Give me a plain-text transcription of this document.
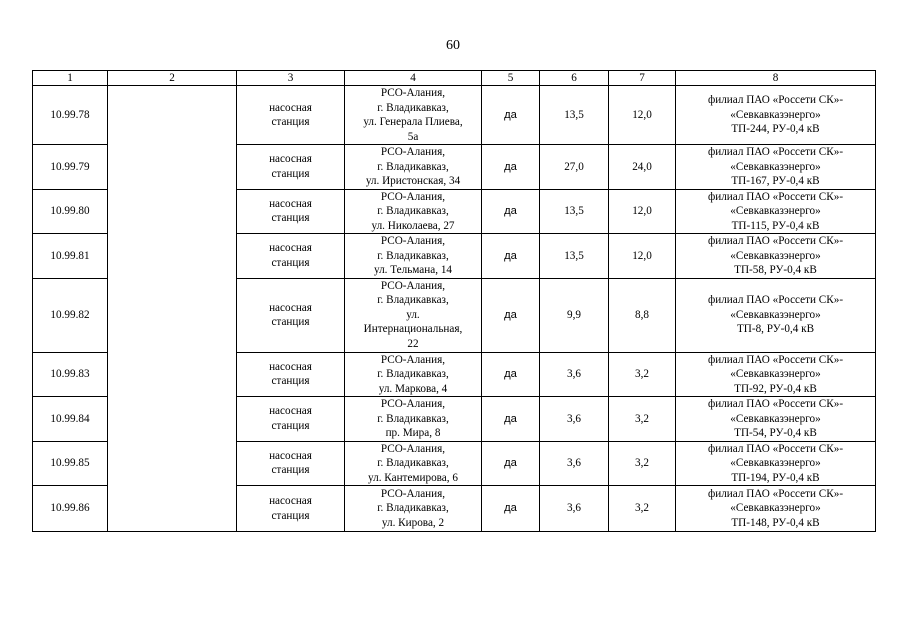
60
1	2	3	4	5	6	7	8
10.99.78		насосная
станция	РСО-Алания,
г. Владикавказ,
ул. Генерала Плиева,
5а	да	13,5	12,0	филиал ПАО «Россети СК»-
«Севкавказэнерго»
ТП-244, РУ-0,4 кВ

10.99.79		насосная
станция	РСО-Алания,
г. Владикавказ,
ул. Иристонская, 34	да	27,0	24,0	филиал ПАО «Россети СК»-
«Севкавказэнерго»
ТП-167, РУ-0,4 кВ

10.99.80		насосная
станция	РСО-Алания,
г. Владикавказ,
ул. Николаева, 27	да	13,5	12,0	филиал ПАО «Россети СК»-
«Севкавказэнерго»
ТП-115, РУ-0,4 кВ

10.99.81		насосная
станция	РСО-Алания,
г. Владикавказ,
ул. Тельмана, 14	да	13,5	12,0	филиал ПАО «Россети СК»-
«Севкавказэнерго»
ТП-58, РУ-0,4 кВ

10.99.82		насосная
станция	РСО-Алания,
г. Владикавказ,
ул.
Интернациональная,
22	да	9,9	8,8	филиал ПАО «Россети СК»-
«Севкавказэнерго»
ТП-8, РУ-0,4 кВ

10.99.83		насосная
станция	РСО-Алания,
г. Владикавказ,
ул. Маркова, 4	да	3,6	3,2	филиал ПАО «Россети СК»-
«Севкавказэнерго»
ТП-92, РУ-0,4 кВ

10.99.84		насосная
станция	РСО-Алания,
г. Владикавказ,
пр. Мира, 8	да	3,6	3,2	филиал ПАО «Россети СК»-
«Севкавказэнерго»
ТП-54, РУ-0,4 кВ

10.99.85		насосная
станция	РСО-Алания,
г. Владикавказ,
ул. Кантемирова, 6	да	3,6	3,2	филиал ПАО «Россети СК»-
«Севкавказэнерго»
ТП-194, РУ-0,4 кВ

10.99.86		насосная
станция	РСО-Алания,
г. Владикавказ,
ул. Кирова, 2	да	3,6	3,2	филиал ПАО «Россети СК»-
«Севкавказэнерго»
ТП-148, РУ-0,4 кВ
